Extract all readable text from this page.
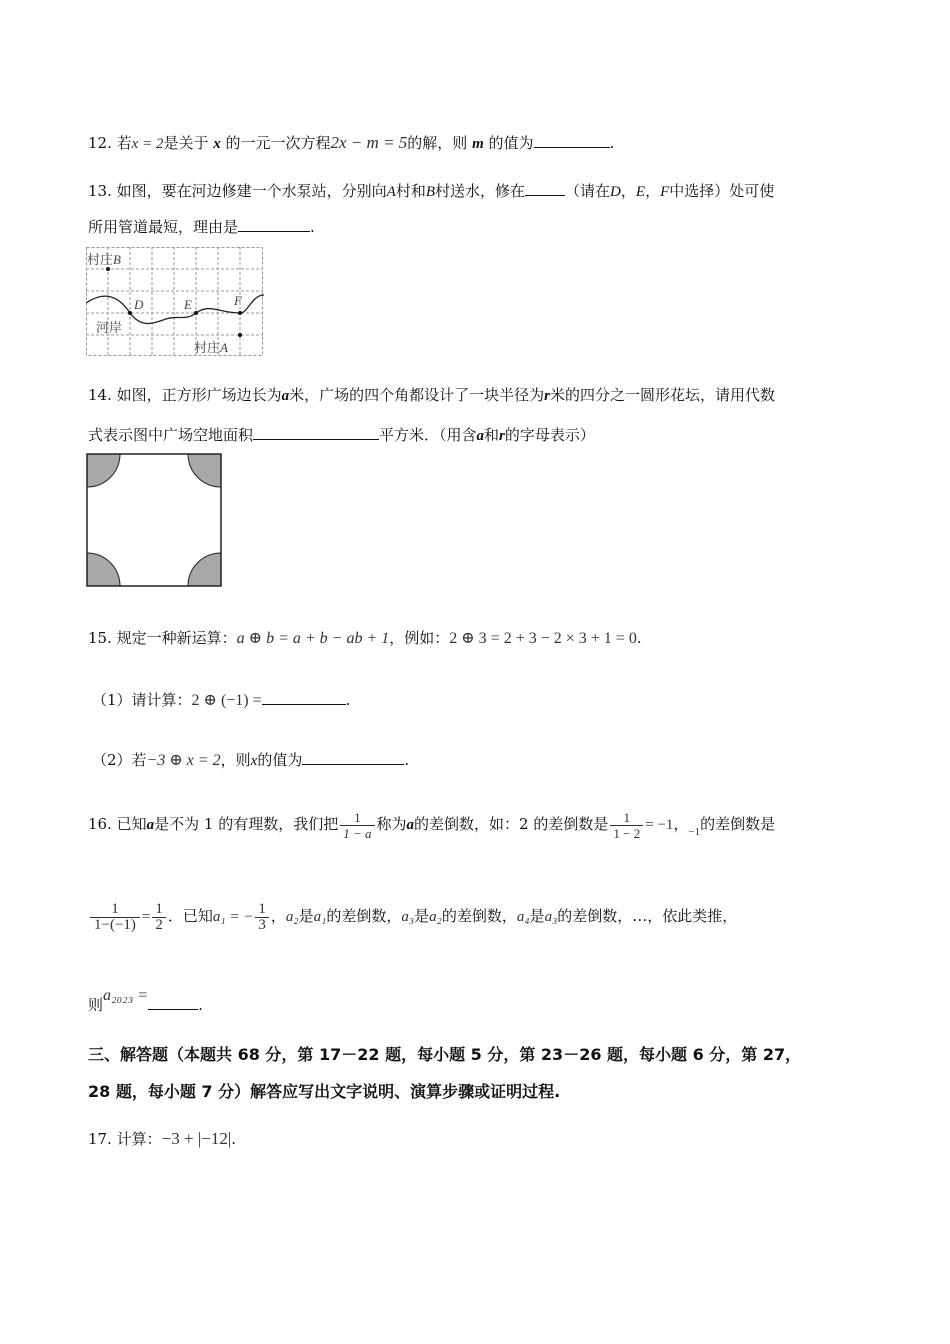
12. 若x = 2是关于 x 的一元一次方程2x − m = 5的解，则 m 的值为	.
13. 如图，要在河边修建一个水泵站，分别向A村和B村送水，修在	（请在D，E，F中选择）处可使
所用管道最短，理由是	.
村庄B
D	E	F
河岸
村庄A
14. 如图，正方形广场边长为a米，广场的四个角都设计了一块半径为r米的四分之一圆形花坛，请用代数
式表示图中广场空地面积	平方米．（用含a和r的字母表示）
15. 规定一种新运算：a ⊕ b = a + b − ab + 1，例如：2 ⊕ 3 = 2 + 3 − 2 × 3 + 1 = 0.
（1）请计算：2 ⊕ (−1) =	.
（2）若−3 ⊕ x = 2，则x的值为	.
16. 已知a是不为 1 的有理数，我们把 $\frac{1}{1 - a}$ 称为a的差倒数，如：2 的差倒数是 $\frac{1}{1 - 2} = -1$，$_{-1}$的差倒数是
$\frac{1}{1-(-1)} = \frac{1}{2}$ ．已知a₁ = − $\frac{1}{3}$ ，a₂是a₁的差倒数，a₃是a₂的差倒数，a₄是a₃的差倒数，…，依此类推，
则a₂₀₂₃ =.
三、解答题（本题共 68 分，第 17－22 题，每小题 5 分，第 23－26 题，每小题 6 分，第 27，
28 题，每小题 7 分）解答应写出文字说明、演算步骤或证明过程.
17. 计算：−3 + |−12|.
